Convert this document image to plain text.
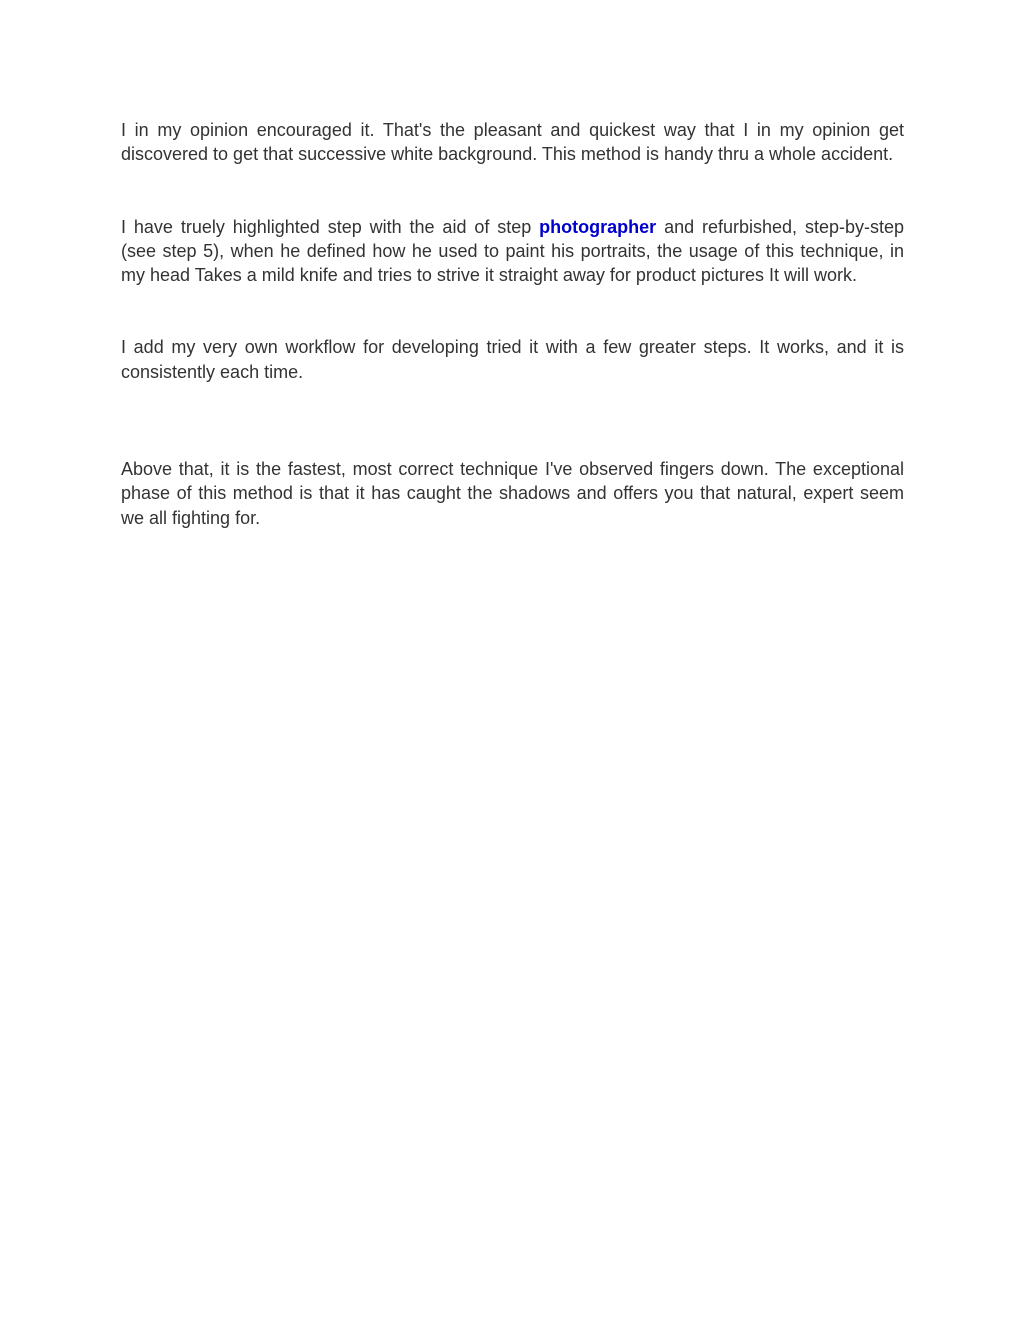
I in my opinion encouraged it. That's the pleasant and quickest way that I in my opinion get discovered to get that successive white background. This method is handy thru a whole accident.

I have truely highlighted step with the aid of step photographer and refurbished, step-by-step (see step 5), when he defined how he used to paint his portraits, the usage of this technique, in my head Takes a mild knife and tries to strive it straight away for product pictures It will work.

I add my very own workflow for developing tried it with a few greater steps. It works, and it is consistently each time.

Above that, it is the fastest, most correct technique I've observed fingers down. The exceptional phase of this method is that it has caught the shadows and offers you that natural, expert seem we all fighting for.
